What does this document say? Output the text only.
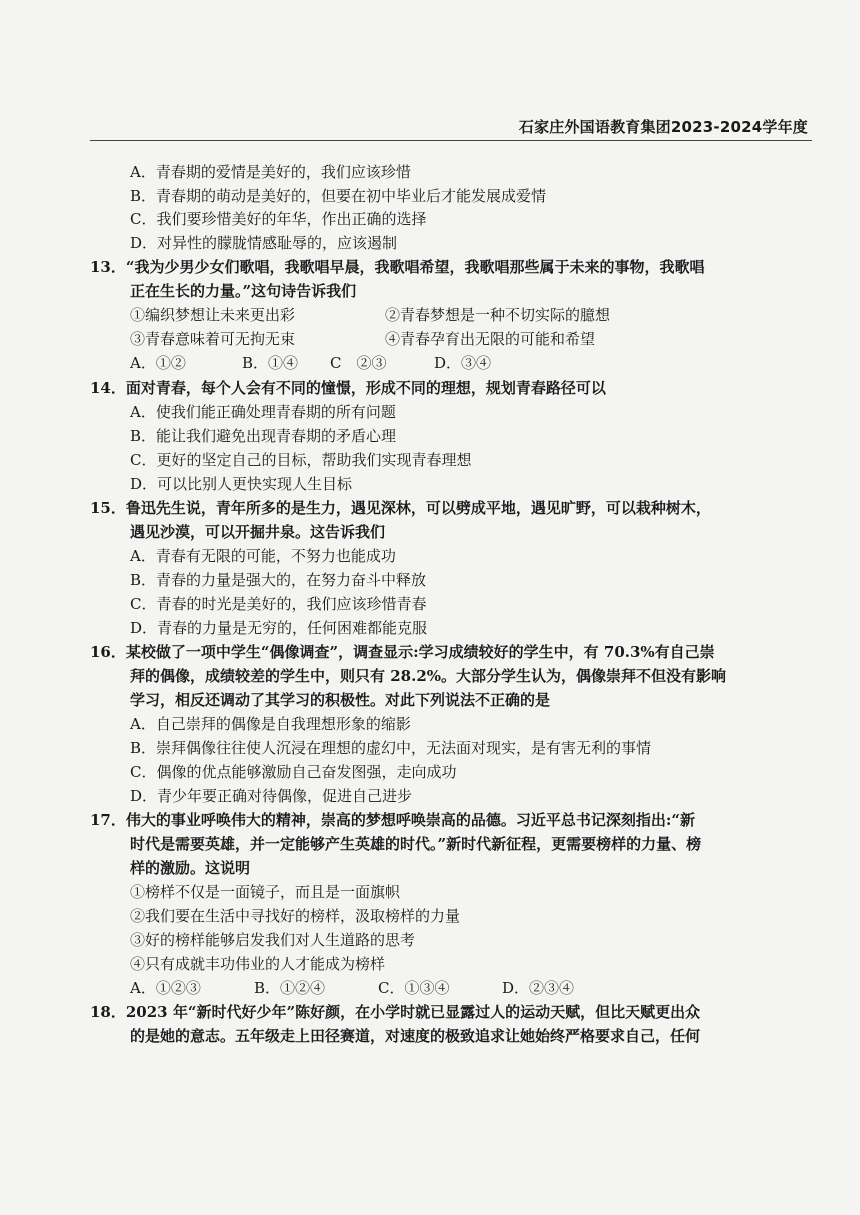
石家庄外国语教育集团2023-2024学年度
A．青春期的爱情是美好的，我们应该珍惜
B．青春期的萌动是美好的，但要在初中毕业后才能发展成爱情
C．我们要珍惜美好的年华，作出正确的选择
D．对异性的朦胧情感耻辱的，应该遏制
13．“我为少男少女们歌唱，我歌唱早晨，我歌唱希望，我歌唱那些属于未来的事物，我歌唱
正在生长的力量。”这句诗告诉我们
①编织梦想让未来更出彩	②青春梦想是一种不切实际的臆想
③青春意味着可无拘无束	④青春孕育出无限的可能和希望
A．①②	B．①④	C　②③	D．③④
14．面对青春，每个人会有不同的憧憬，形成不同的理想，规划青春路径可以
A．使我们能正确处理青春期的所有问题
B．能让我们避免出现青春期的矛盾心理
C．更好的坚定自己的目标，帮助我们实现青春理想
D．可以比别人更快实现人生目标
15．鲁迅先生说，青年所多的是生力，遇见深林，可以劈成平地，遇见旷野，可以栽种树木，
遇见沙漠，可以开掘井泉。这告诉我们
A．青春有无限的可能，不努力也能成功
B．青春的力量是强大的，在努力奋斗中释放
C．青春的时光是美好的，我们应该珍惜青春
D．青春的力量是无穷的，任何困难都能克服
16．某校做了一项中学生“偶像调查”，调查显示:学习成绩较好的学生中，有 70.3%有自己崇
拜的偶像，成绩较差的学生中，则只有 28.2%。大部分学生认为，偶像崇拜不但没有影响
学习，相反还调动了其学习的积极性。对此下列说法不正确的是
A．自己崇拜的偶像是自我理想形象的缩影
B．崇拜偶像往往使人沉浸在理想的虚幻中，无法面对现实，是有害无利的事情
C．偶像的优点能够激励自己奋发图强，走向成功
D．青少年要正确对待偶像，促进自己进步
17．伟大的事业呼唤伟大的精神，崇高的梦想呼唤崇高的品德。习近平总书记深刻指出:“新
时代是需要英雄，并一定能够产生英雄的时代。”新时代新征程，更需要榜样的力量、榜
样的激励。这说明
①榜样不仅是一面镜子，而且是一面旗帜
②我们要在生活中寻找好的榜样，汲取榜样的力量
③好的榜样能够启发我们对人生道路的思考
④只有成就丰功伟业的人才能成为榜样
A．①②③	B．①②④	C．①③④	D．②③④
18．2023 年“新时代好少年”陈好颜，在小学时就已显露过人的运动天赋，但比天赋更出众
的是她的意志。五年级走上田径赛道，对速度的极致追求让她始终严格要求自己，任何
